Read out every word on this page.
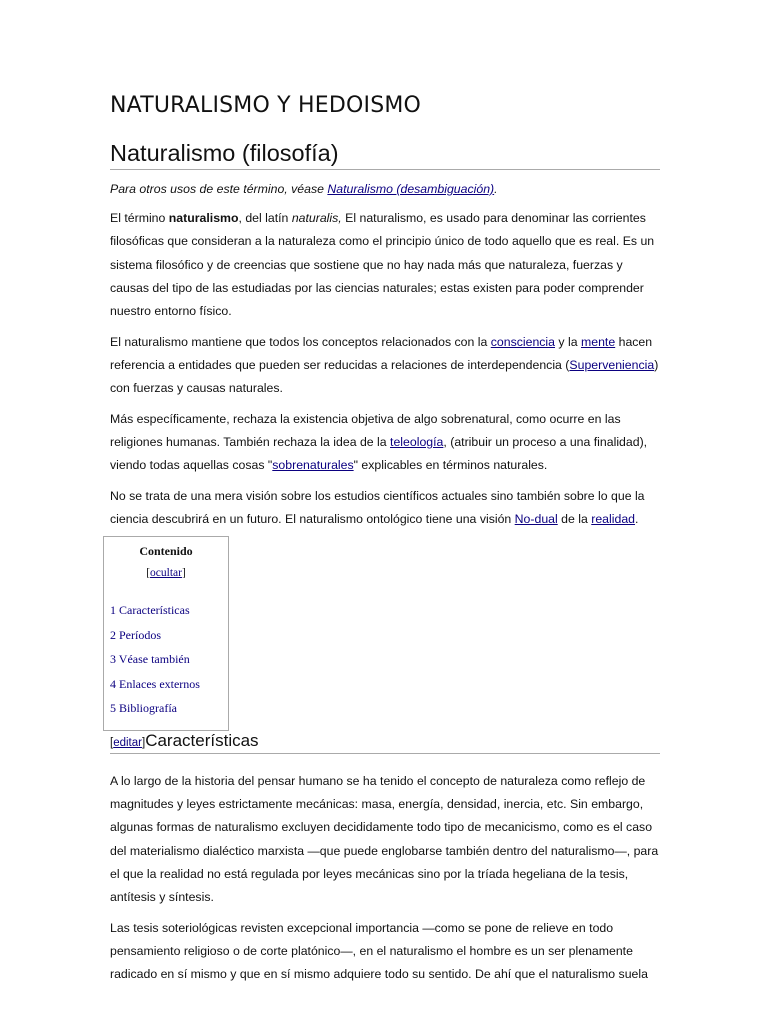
NATURALISMO Y HEDOISMO
Naturalismo (filosofía)

Para otros usos de este término, véase Naturalismo (desambiguación).

El término naturalismo, del latín naturalis, El naturalismo, es usado para denominar las corrientes filosóficas que consideran a la naturaleza como el principio único de todo aquello que es real. Es un sistema filosófico y de creencias que sostiene que no hay nada más que naturaleza, fuerzas y causas del tipo de las estudiadas por las ciencias naturales; estas existen para poder comprender nuestro entorno físico.

El naturalismo mantiene que todos los conceptos relacionados con la consciencia y la mente hacen referencia a entidades que pueden ser reducidas a relaciones de interdependencia (Superveniencia) con fuerzas y causas naturales.

Más específicamente, rechaza la existencia objetiva de algo sobrenatural, como ocurre en las religiones humanas. También rechaza la idea de la teleología, (atribuir un proceso a una finalidad), viendo todas aquellas cosas "sobrenaturales" explicables en términos naturales.

No se trata de una mera visión sobre los estudios científicos actuales sino también sobre lo que la ciencia descubrirá en un futuro. El naturalismo ontológico tiene una visión No-dual de la realidad.

Contenido
[ocultar]
1 Características
2 Períodos
3 Véase también
4 Enlaces externos
5 Bibliografía
[editar]Características

A lo largo de la historia del pensar humano se ha tenido el concepto de naturaleza como reflejo de magnitudes y leyes estrictamente mecánicas: masa, energía, densidad, inercia, etc. Sin embargo, algunas formas de naturalismo excluyen decididamente todo tipo de mecanicismo, como es el caso del materialismo dialéctico marxista —que puede englobarse también dentro del naturalismo—, para el que la realidad no está regulada por leyes mecánicas sino por la tríada hegeliana de la tesis, antítesis y síntesis.

Las tesis soteriológicas revisten excepcional importancia —como se pone de relieve en todo pensamiento religioso o de corte platónico—, en el naturalismo el hombre es un ser plenamente radicado en sí mismo y que en sí mismo adquiere todo su sentido. De ahí que el naturalismo suela
